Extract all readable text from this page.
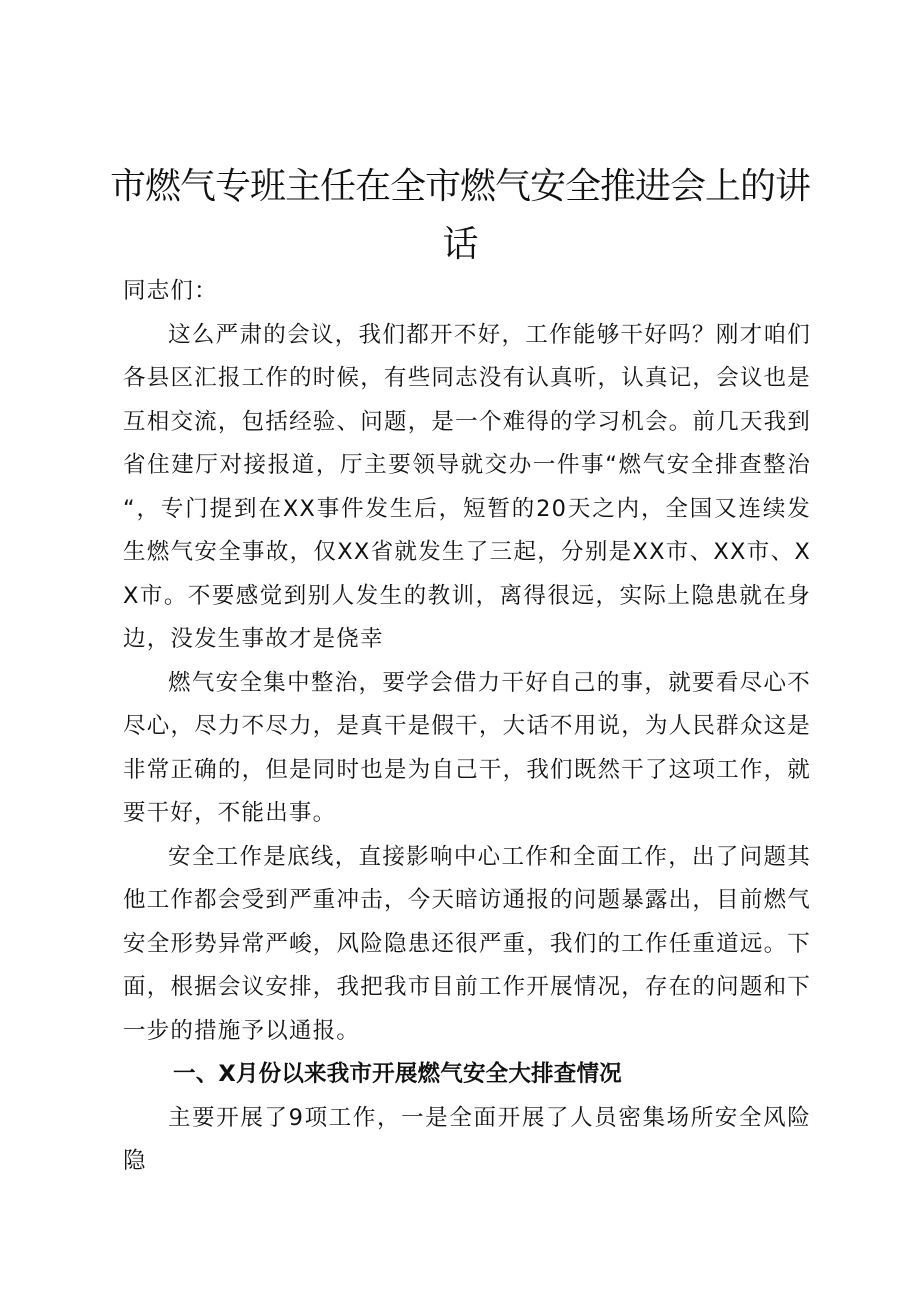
市燃气专班主任在全市燃气安全推进会上的讲
话

同志们：

这么严肃的会议，我们都开不好，工作能够干好吗？刚才咱们各县区汇报工作的时候，有些同志没有认真听，认真记，会议也是互相交流，包括经验、问题，是一个难得的学习机会。前几天我到省住建厅对接报道，厅主要领导就交办一件事“燃气安全排查整治“，专门提到在XX事件发生后，短暂的20天之内，全国又连续发生燃气安全事故，仅XX省就发生了三起，分别是XX市、XX市、XX市。不要感觉到别人发生的教训，离得很远，实际上隐患就在身边，没发生事故才是侥幸

燃气安全集中整治，要学会借力干好自己的事，就要看尽心不尽心，尽力不尽力，是真干是假干，大话不用说，为人民群众这是非常正确的，但是同时也是为自己干，我们既然干了这项工作，就要干好，不能出事。

安全工作是底线，直接影响中心工作和全面工作，出了问题其他工作都会受到严重冲击，今天暗访通报的问题暴露出，目前燃气安全形势异常严峻，风险隐患还很严重，我们的工作任重道远。下面，根据会议安排，我把我市目前工作开展情况，存在的问题和下一步的措施予以通报。

一、X月份以来我市开展燃气安全大排查情况

主要开展了9项工作，一是全面开展了人员密集场所安全风险隐
